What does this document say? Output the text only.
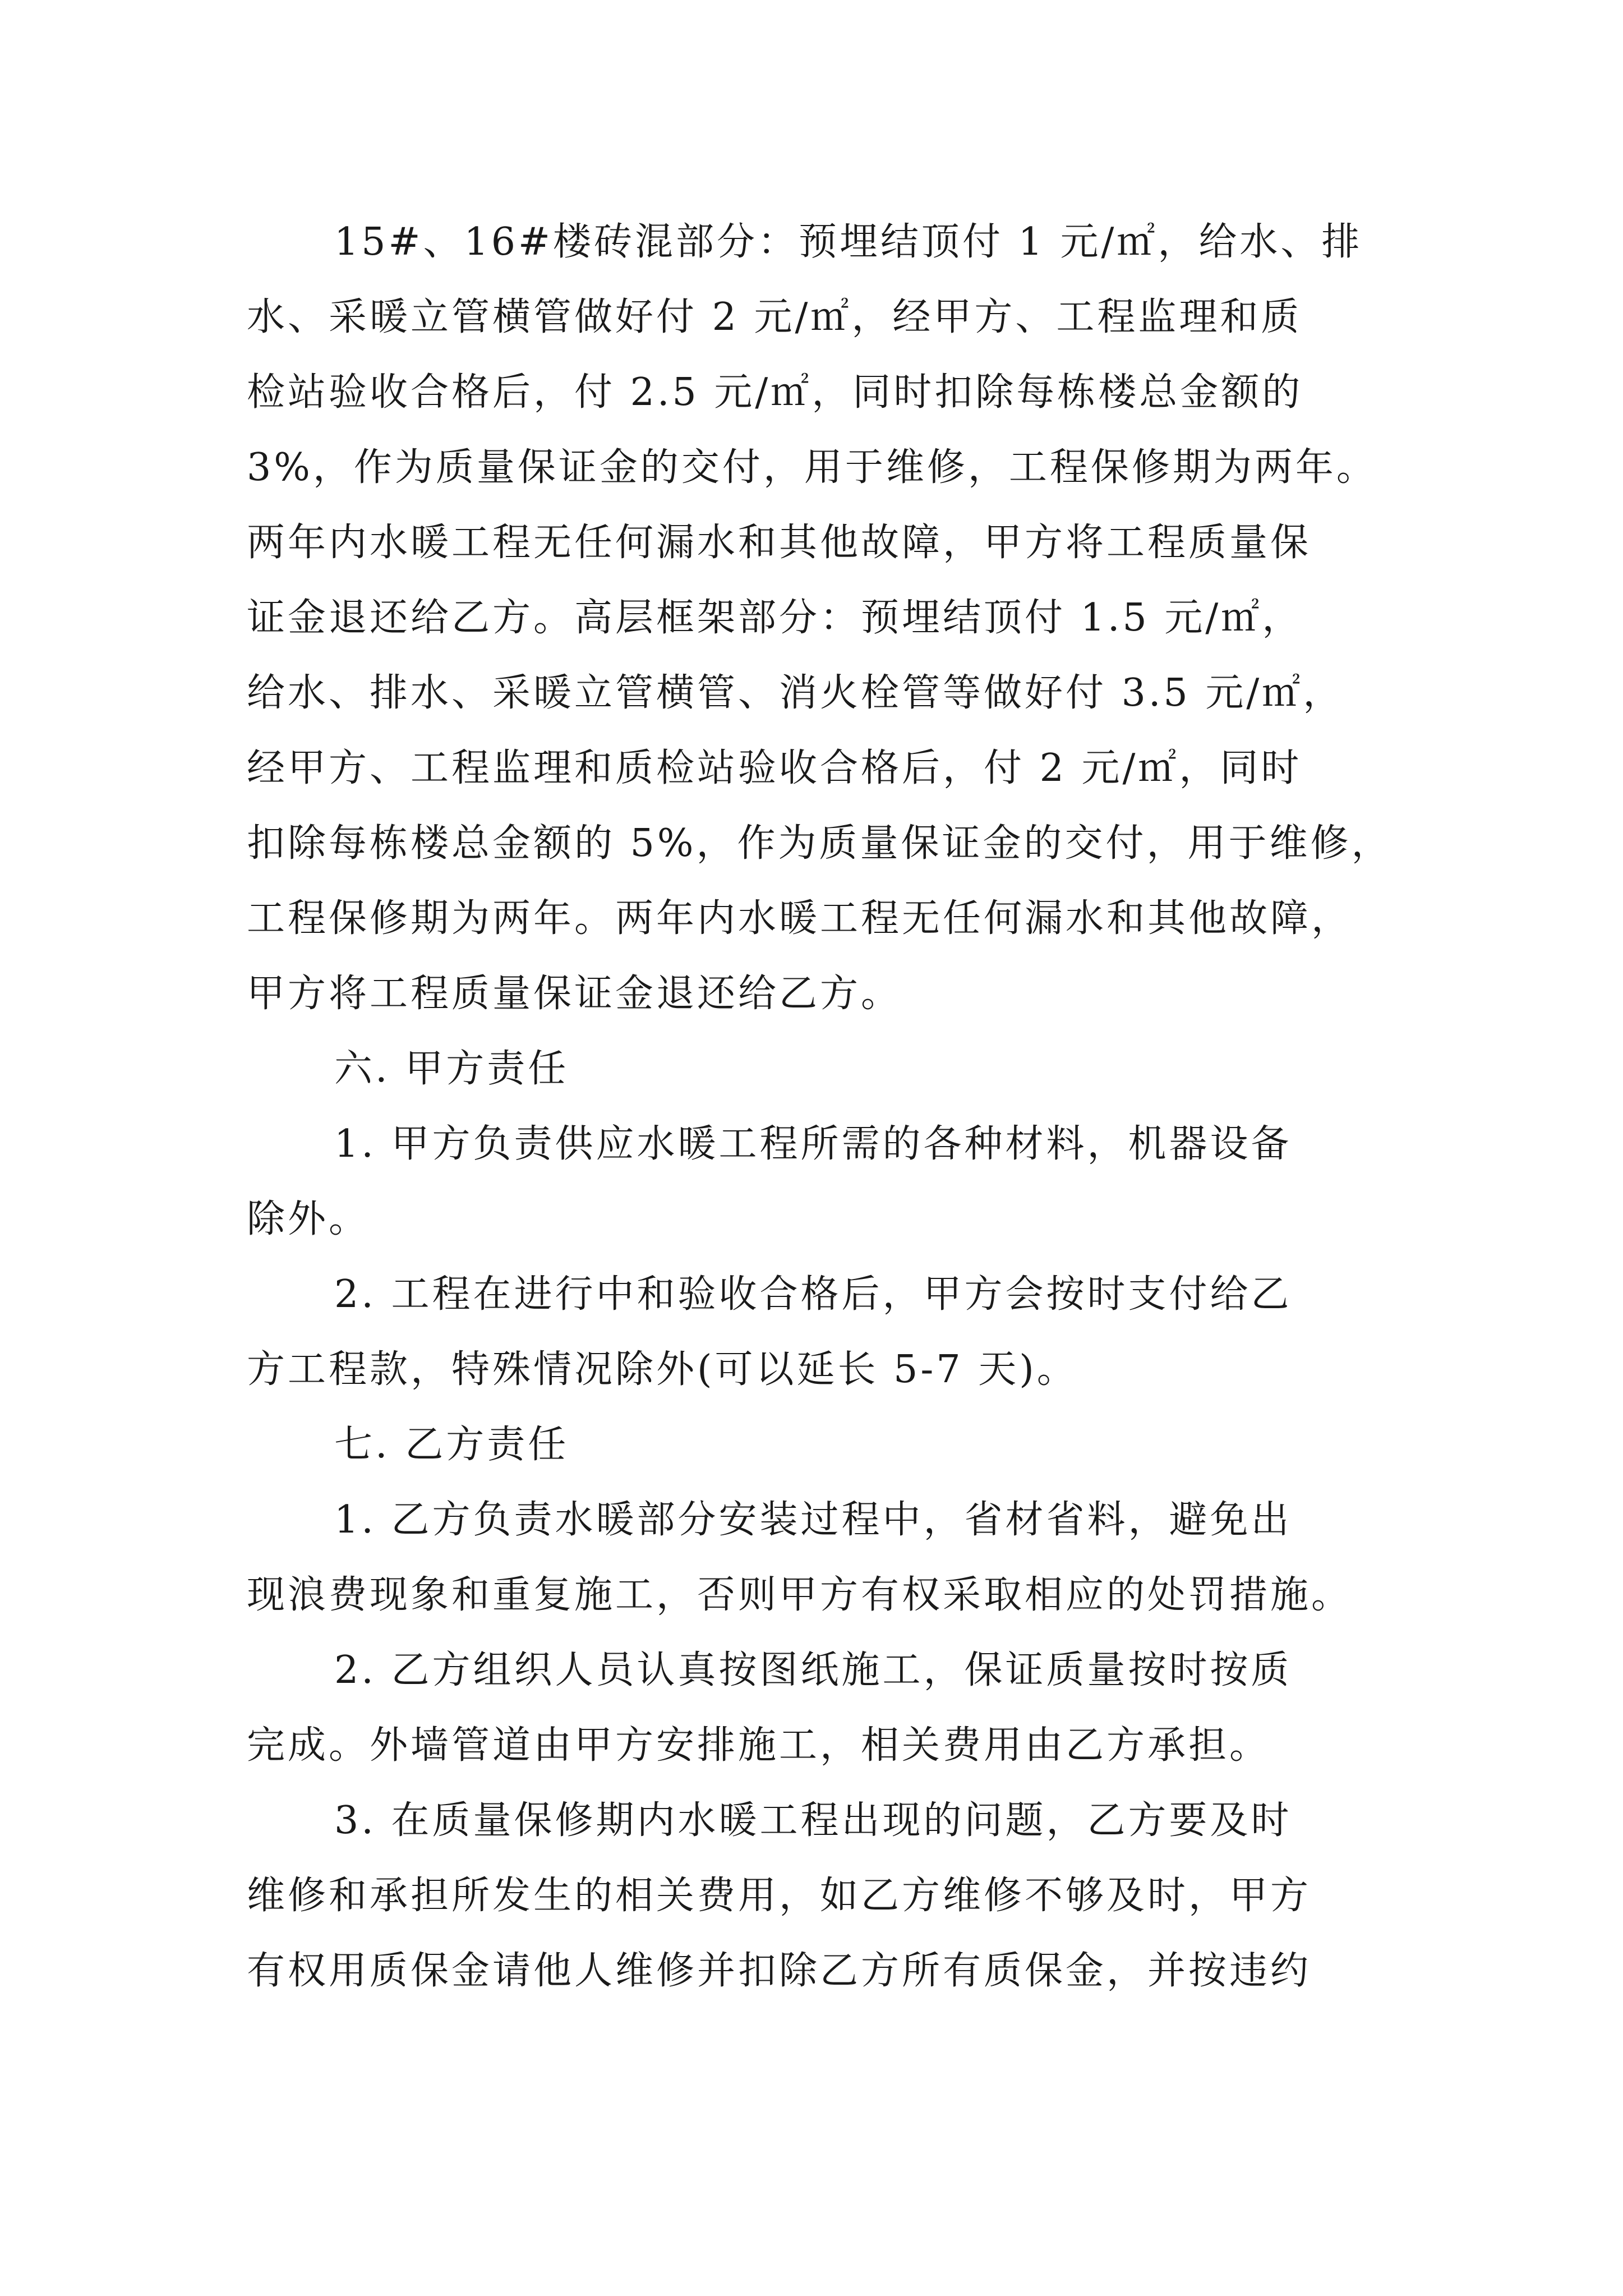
15#、16#楼砖混部分：预埋结顶付 1 元/㎡，给水、排
水、采暖立管横管做好付 2 元/㎡，经甲方、工程监理和质
检站验收合格后，付 2.5 元/㎡，同时扣除每栋楼总金额的
3%，作为质量保证金的交付，用于维修，工程保修期为两年。
两年内水暖工程无任何漏水和其他故障，甲方将工程质量保
证金退还给乙方。高层框架部分：预埋结顶付 1.5 元/㎡，
给水、排水、采暖立管横管、消火栓管等做好付 3.5 元/㎡，
经甲方、工程监理和质检站验收合格后，付 2 元/㎡，同时
扣除每栋楼总金额的 5%，作为质量保证金的交付，用于维修，
工程保修期为两年。两年内水暖工程无任何漏水和其他故障，
甲方将工程质量保证金退还给乙方。
六. 甲方责任
1. 甲方负责供应水暖工程所需的各种材料，机器设备
除外。
2. 工程在进行中和验收合格后，甲方会按时支付给乙
方工程款，特殊情况除外(可以延长 5-7 天)。
七. 乙方责任
1. 乙方负责水暖部分安装过程中，省材省料，避免出
现浪费现象和重复施工，否则甲方有权采取相应的处罚措施。
2. 乙方组织人员认真按图纸施工，保证质量按时按质
完成。外墙管道由甲方安排施工，相关费用由乙方承担。
3. 在质量保修期内水暖工程出现的问题，乙方要及时
维修和承担所发生的相关费用，如乙方维修不够及时，甲方
有权用质保金请他人维修并扣除乙方所有质保金，并按违约
